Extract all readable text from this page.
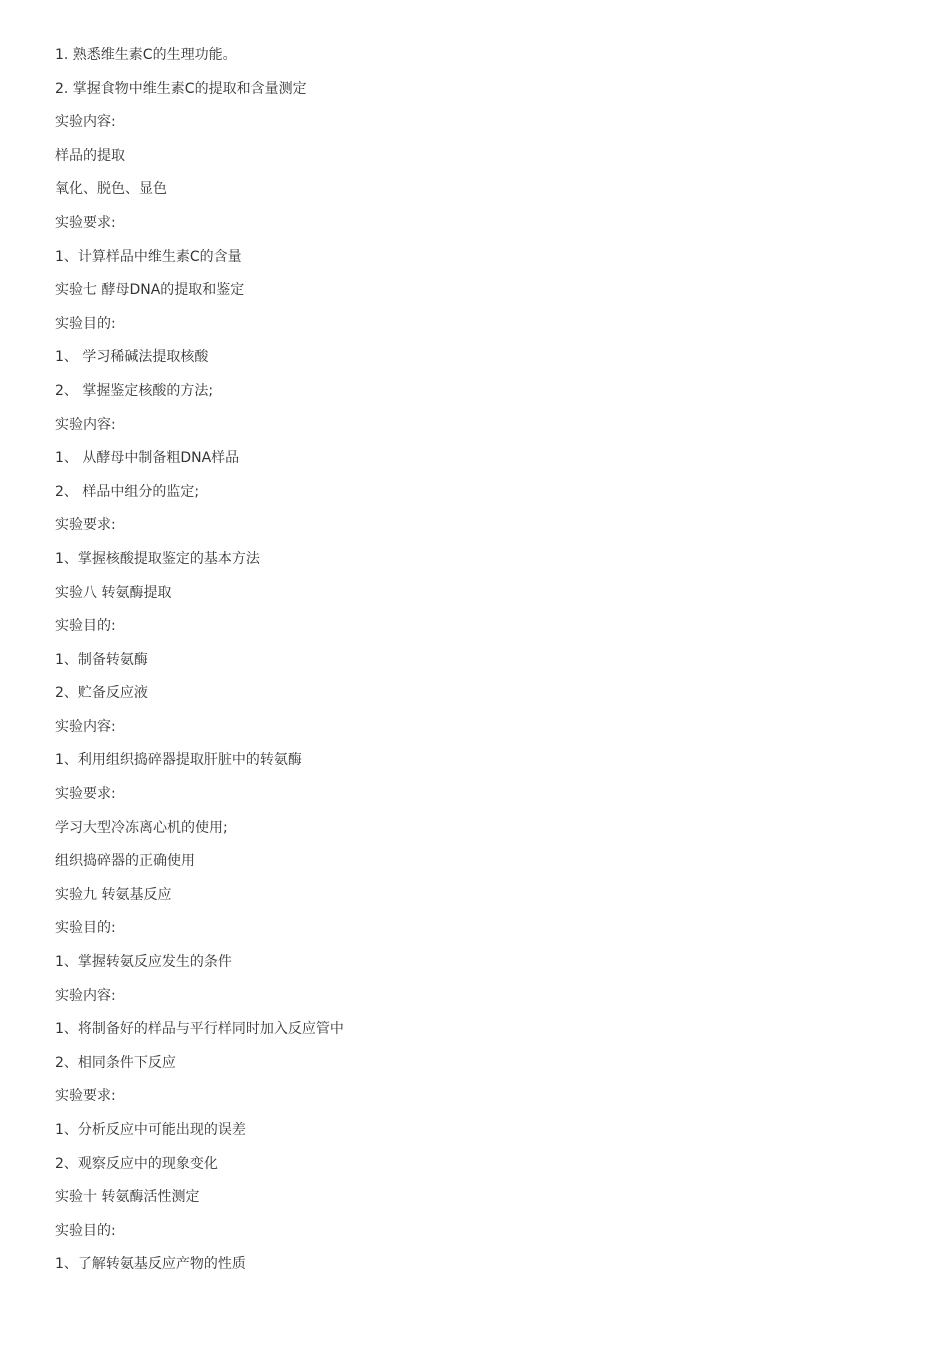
1. 熟悉维生素C的生理功能。
2. 掌握食物中维生素C的提取和含量测定
实验内容:
样品的提取
氧化、脱色、显色
实验要求:
1、计算样品中维生素C的含量
实验七 酵母DNA的提取和鉴定
实验目的:
1、 学习稀碱法提取核酸
2、 掌握鉴定核酸的方法;
实验内容:
1、 从酵母中制备粗DNA样品
2、 样品中组分的监定;
实验要求:
1、掌握核酸提取鉴定的基本方法
实验八 转氨酶提取
实验目的:
1、制备转氨酶
2、贮备反应液
实验内容:
1、利用组织捣碎器提取肝脏中的转氨酶
实验要求:
学习大型冷冻离心机的使用;
组织捣碎器的正确使用
实验九 转氨基反应
实验目的:
1、掌握转氨反应发生的条件
实验内容:
1、将制备好的样品与平行样同时加入反应管中
2、相同条件下反应
实验要求:
1、分析反应中可能出现的误差
2、观察反应中的现象变化
实验十 转氨酶活性测定
实验目的:
1、了解转氨基反应产物的性质
